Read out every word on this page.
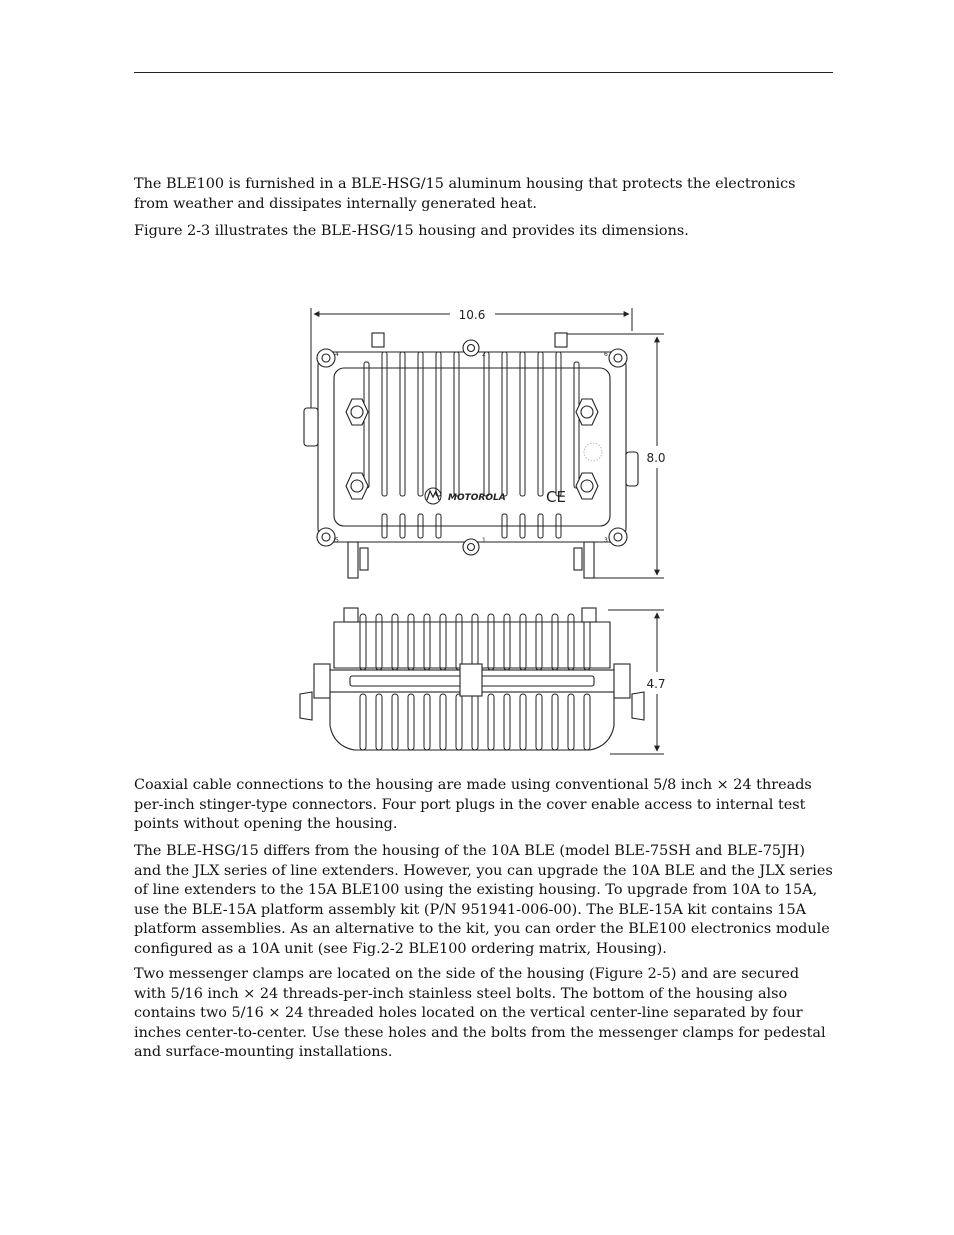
The BLE100 is furnished in a BLE-HSG/15 aluminum housing that protects the electronics from weather and dissipates internally generated heat.

Figure 2-3 illustrates the BLE-HSG/15 housing and provides its dimensions.

10.6
8.0
4	2	6
5	1	3
MOTOROLA	CE
4.7

Coaxial cable connections to the housing are made using conventional 5/8 inch × 24 threads per-inch stinger-type connectors. Four port plugs in the cover enable access to internal test points without opening the housing.

The BLE-HSG/15 differs from the housing of the 10A BLE (model BLE-75SH and BLE-75JH) and the JLX series of line extenders. However, you can upgrade the 10A BLE and the JLX series of line extenders to the 15A BLE100 using the existing housing. To upgrade from 10A to 15A, use the BLE-15A platform assembly kit (P/N 951941-006-00). The BLE-15A kit contains 15A platform assemblies. As an alternative to the kit, you can order the BLE100 electronics module configured as a 10A unit (see Fig.2-2 BLE100 ordering matrix, Housing).

Two messenger clamps are located on the side of the housing (Figure 2-5) and are secured with 5/16 inch × 24 threads-per-inch stainless steel bolts. The bottom of the housing also contains two 5/16 × 24 threaded holes located on the vertical center-line separated by four inches center-to-center. Use these holes and the bolts from the messenger clamps for pedestal and surface-mounting installations.
